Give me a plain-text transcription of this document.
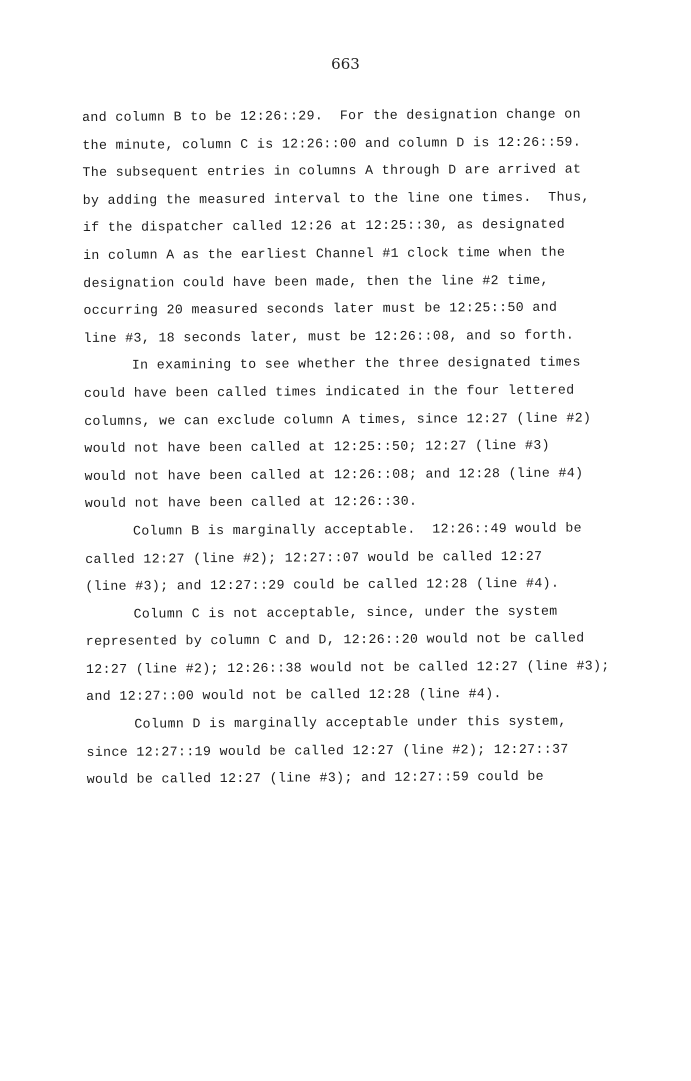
663
and column B to be 12:26::29.  For the designation change on
the minute, column C is 12:26::00 and column D is 12:26::59.
The subsequent entries in columns A through D are arrived at
by adding the measured interval to the line one times.  Thus,
if the dispatcher called 12:26 at 12:25::30, as designated
in column A as the earliest Channel #1 clock time when the
designation could have been made, then the line #2 time,
occurring 20 measured seconds later must be 12:25::50 and
line #3, 18 seconds later, must be 12:26::08, and so forth.
In examining to see whether the three designated times
could have been called times indicated in the four lettered
columns, we can exclude column A times, since 12:27 (line #2)
would not have been called at 12:25::50; 12:27 (line #3)
would not have been called at 12:26::08; and 12:28 (line #4)
would not have been called at 12:26::30.
Column B is marginally acceptable.  12:26::49 would be
called 12:27 (line #2); 12:27::07 would be called 12:27
(line #3); and 12:27::29 could be called 12:28 (line #4).
Column C is not acceptable, since, under the system
represented by column C and D, 12:26::20 would not be called
12:27 (line #2); 12:26::38 would not be called 12:27 (line #3);
and 12:27::00 would not be called 12:28 (line #4).
Column D is marginally acceptable under this system,
since 12:27::19 would be called 12:27 (line #2); 12:27::37
would be called 12:27 (line #3); and 12:27::59 could be
